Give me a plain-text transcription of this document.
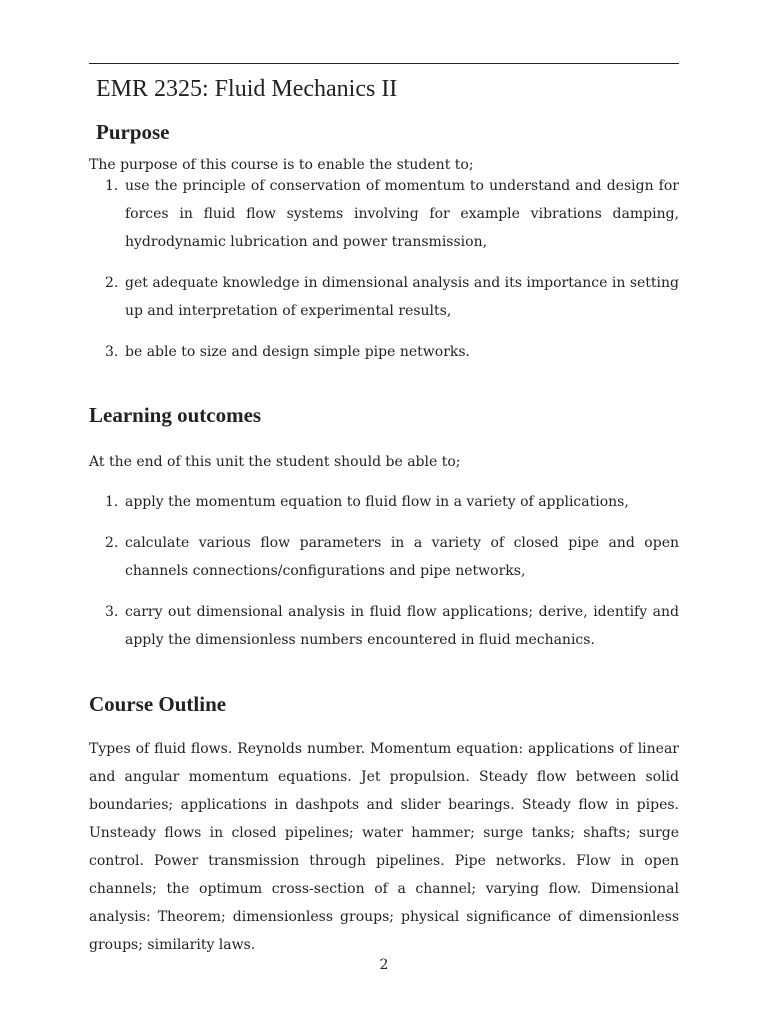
EMR 2325: Fluid Mechanics II
Purpose
The purpose of this course is to enable the student to;
1. use the principle of conservation of momentum to understand and design for forces in fluid flow systems involving for example vibrations damping, hydrodynamic lubrication and power transmission,
2. get adequate knowledge in dimensional analysis and its importance in setting up and interpretation of experimental results,
3. be able to size and design simple pipe networks.
Learning outcomes
At the end of this unit the student should be able to;
1. apply the momentum equation to fluid flow in a variety of applications,
2. calculate various flow parameters in a variety of closed pipe and open channels connections/configurations and pipe networks,
3. carry out dimensional analysis in fluid flow applications; derive, identify and apply the dimensionless numbers encountered in fluid mechanics.
Course Outline
Types of fluid flows. Reynolds number. Momentum equation: applications of linear and angular momentum equations. Jet propulsion. Steady flow between solid boundaries; applications in dashpots and slider bearings. Steady flow in pipes. Unsteady flows in closed pipelines; water hammer; surge tanks; shafts; surge control. Power transmission through pipelines. Pipe networks. Flow in open channels; the optimum cross-section of a channel; varying flow. Dimensional analysis: Theorem; dimensionless groups; physical significance of dimensionless groups; similarity laws.
2
